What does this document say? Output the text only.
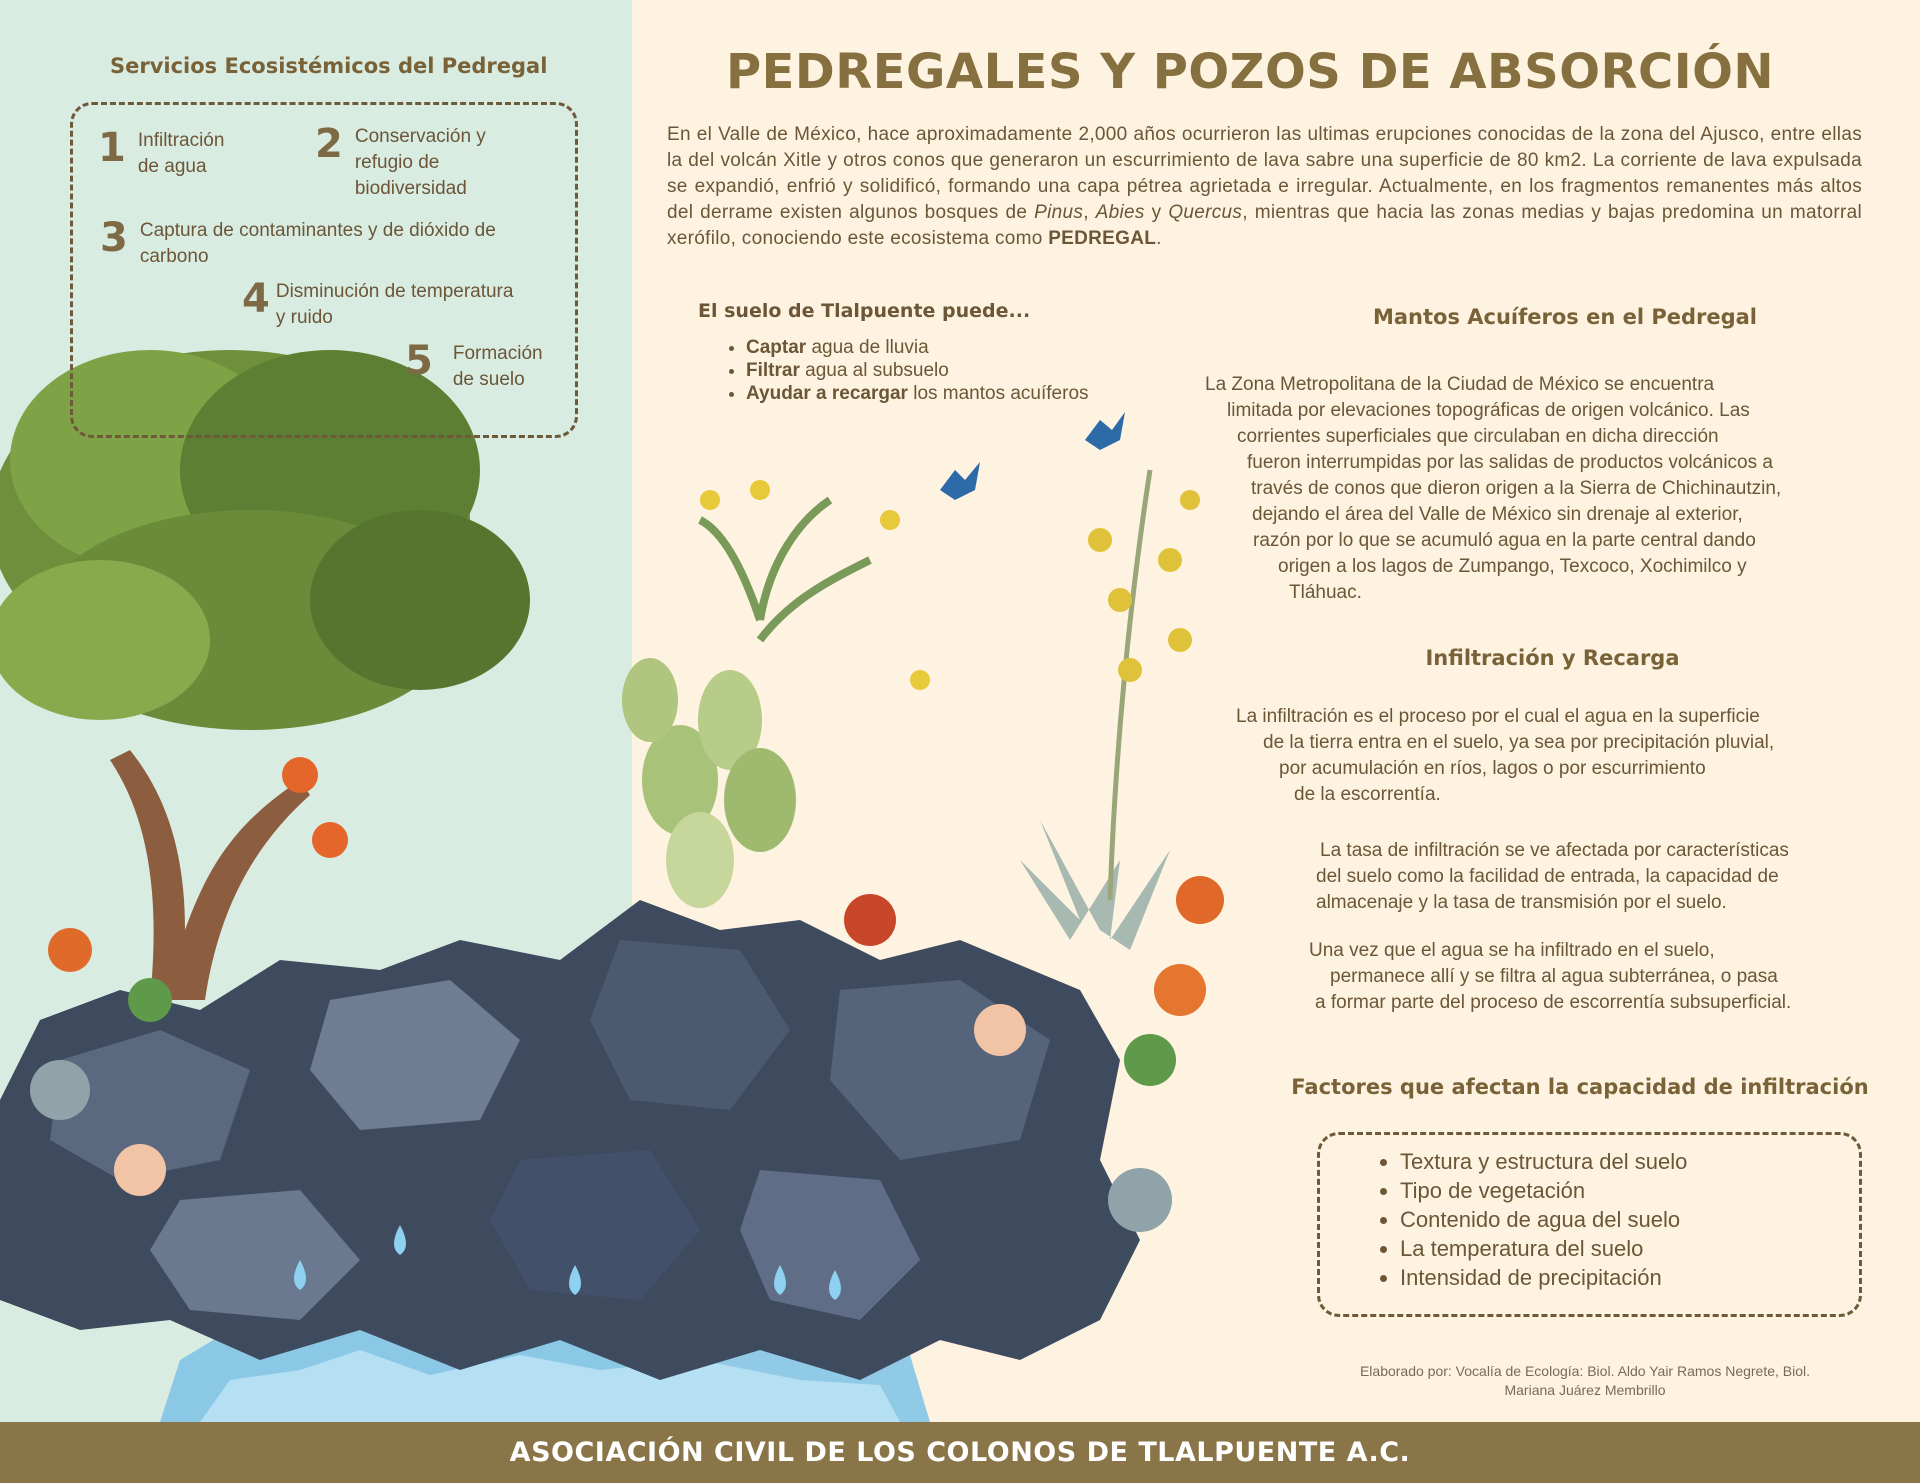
Servicios Ecosistémicos del Pedregal
1 Infiltración
de agua	2 Conservación y
refugio de
biodiversidad
3 Captura de contaminantes y de dióxido de
carbono
4 Disminución de temperatura
y ruido
5 Formación
de suelo
PEDREGALES Y POZOS DE ABSORCIÓN
En el Valle de México, hace aproximadamente 2,000 años ocurrieron las ultimas erupciones conocidas de la zona del Ajusco, entre ellas la del volcán Xitle y otros conos que generaron un escurrimiento de lava sabre una superficie de 80 km2. La corriente de lava expulsada se expandió, enfrió y solidificó, formando una capa pétrea agrietada e irregular. Actualmente, en los fragmentos remanentes más altos del derrame existen algunos bosques de Pinus, Abies y Quercus, mientras que hacia las zonas medias y bajas predomina un matorral xerófilo, conociendo este ecosistema como PEDREGAL.
El suelo de Tlalpuente puede...
• Captar agua de lluvia
• Filtrar agua al subsuelo
• Ayudar a recargar los mantos acuíferos
Mantos Acuíferos en el Pedregal
La Zona Metropolitana de la Ciudad de México se encuentra
limitada por elevaciones topográficas de origen volcánico. Las
corrientes superficiales que circulaban en dicha dirección
fueron interrumpidas por las salidas de productos volcánicos a
través de conos que dieron origen a la Sierra de Chichinautzin,
dejando el área del Valle de México sin drenaje al exterior,
razón por lo que se acumuló agua en la parte central dando
origen a los lagos de Zumpango, Texcoco, Xochimilco y
Tláhuac.
Infiltración y Recarga
La infiltración es el proceso por el cual el agua en la superficie
de la tierra entra en el suelo, ya sea por precipitación pluvial,
por acumulación en ríos, lagos o por escurrimiento
de la escorrentía.
La tasa de infiltración se ve afectada por características
del suelo como la facilidad de entrada, la capacidad de
almacenaje y la tasa de transmisión por el suelo.
Una vez que el agua se ha infiltrado en el suelo,
permanece allí y se filtra al agua subterránea, o pasa
a formar parte del proceso de escorrentía subsuperficial.
Factores que afectan la capacidad de infiltración
• Textura y estructura del suelo
• Tipo de vegetación
• Contenido de agua del suelo
• La temperatura del suelo
• Intensidad de precipitación
Elaborado por: Vocalía de Ecología: Biol. Aldo Yair Ramos Negrete, Biol.
Mariana Juárez Membrillo
ASOCIACIÓN CIVIL DE LOS COLONOS DE TLALPUENTE A.C.
